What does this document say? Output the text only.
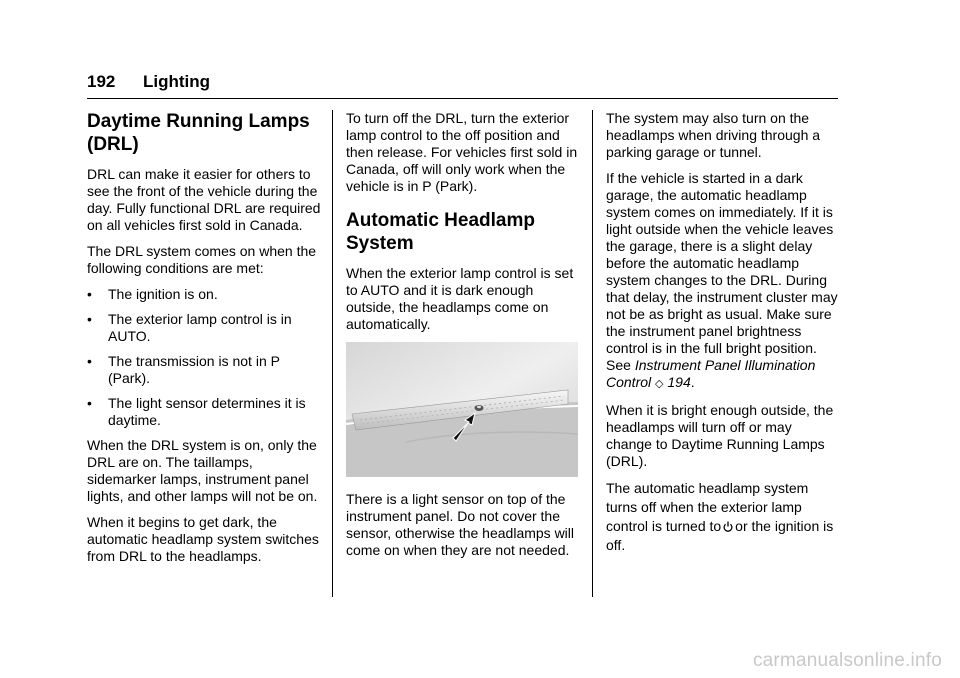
192 Lighting
Daytime Running Lamps (DRL)

DRL can make it easier for others to see the front of the vehicle during the day. Fully functional DRL are required on all vehicles first sold in Canada.

The DRL system comes on when the following conditions are met:

•	The ignition is on.
•	The exterior lamp control is in AUTO.
•	The transmission is not in P (Park).
•	The light sensor determines it is daytime.

When the DRL system is on, only the DRL are on. The taillamps, sidemarker lamps, instrument panel lights, and other lamps will not be on.

When it begins to get dark, the automatic headlamp system switches from DRL to the headlamps.

To turn off the DRL, turn the exterior lamp control to the off position and then release. For vehicles first sold in Canada, off will only work when the vehicle is in P (Park).

Automatic Headlamp System

When the exterior lamp control is set to AUTO and it is dark enough outside, the headlamps come on automatically.

There is a light sensor on top of the instrument panel. Do not cover the sensor, otherwise the headlamps will come on when they are not needed.

The system may also turn on the headlamps when driving through a parking garage or tunnel.

If the vehicle is started in a dark garage, the automatic headlamp system comes on immediately. If it is light outside when the vehicle leaves the garage, there is a slight delay before the automatic headlamp system changes to the DRL. During that delay, the instrument cluster may not be as bright as usual. Make sure the instrument panel brightness control is in the full bright position. See Instrument Panel Illumination Control ◇ 194.

When it is bright enough outside, the headlamps will turn off or may change to Daytime Running Lamps (DRL).

The automatic headlamp system turns off when the exterior lamp control is turned to or the ignition is off.

carmanualsonline.info
